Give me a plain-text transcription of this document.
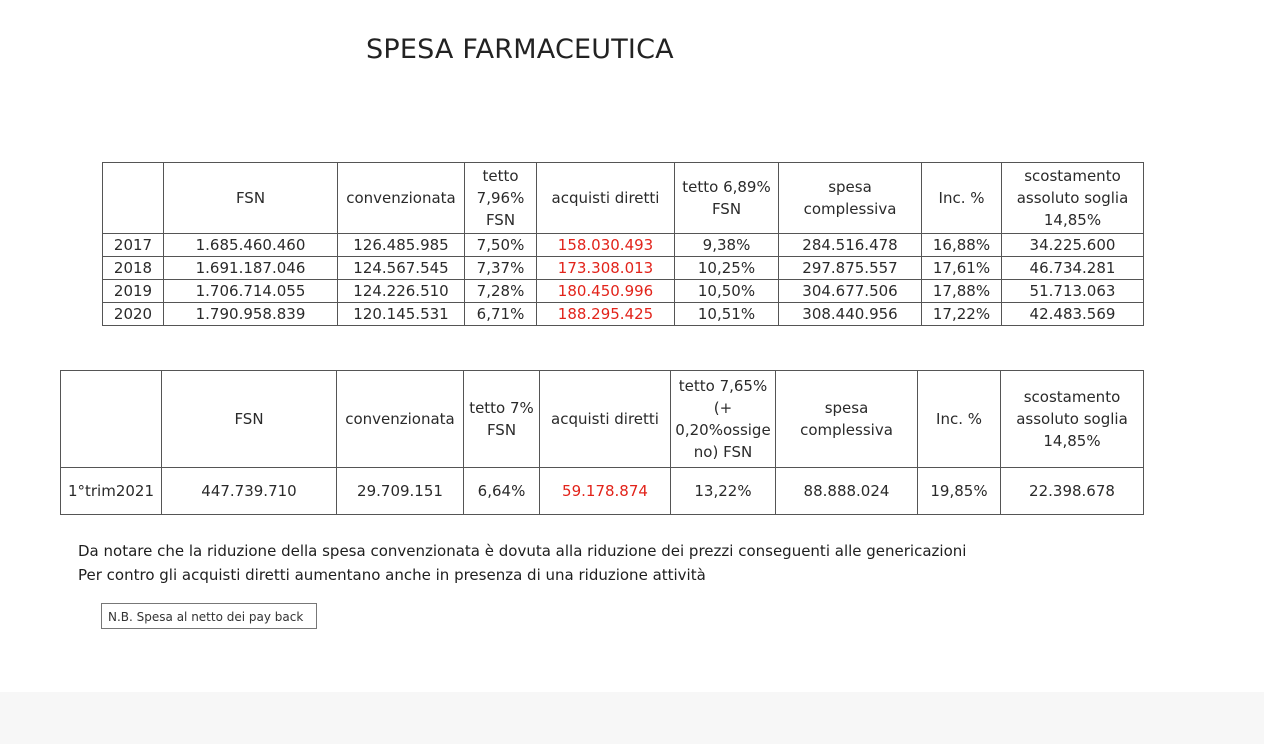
SPESA FARMACEUTICA
	FSN	convenzionata	tetto 7,96% FSN	acquisti diretti	tetto 6,89% FSN	spesa complessiva	Inc. %	scostamento assoluto soglia 14,85%
2017	1.685.460.460	126.485.985	7,50%	158.030.493	9,38%	284.516.478	16,88%	34.225.600
2018	1.691.187.046	124.567.545	7,37%	173.308.013	10,25%	297.875.557	17,61%	46.734.281
2019	1.706.714.055	124.226.510	7,28%	180.450.996	10,50%	304.677.506	17,88%	51.713.063
2020	1.790.958.839	120.145.531	6,71%	188.295.425	10,51%	308.440.956	17,22%	42.483.569
	FSN	convenzionata	tetto 7% FSN	acquisti diretti	tetto 7,65%(+ 0,20%ossige no) FSN	spesa complessiva	Inc. %	scostamento assoluto soglia 14,85%
1°trim2021	447.739.710	29.709.151	6,64%	59.178.874	13,22%	88.888.024	19,85%	22.398.678
Da notare che la riduzione della spesa convenzionata è dovuta alla riduzione dei prezzi conseguenti alle genericazioni
Per contro gli acquisti diretti aumentano anche in presenza di una riduzione attività
N.B. Spesa al netto dei pay back
